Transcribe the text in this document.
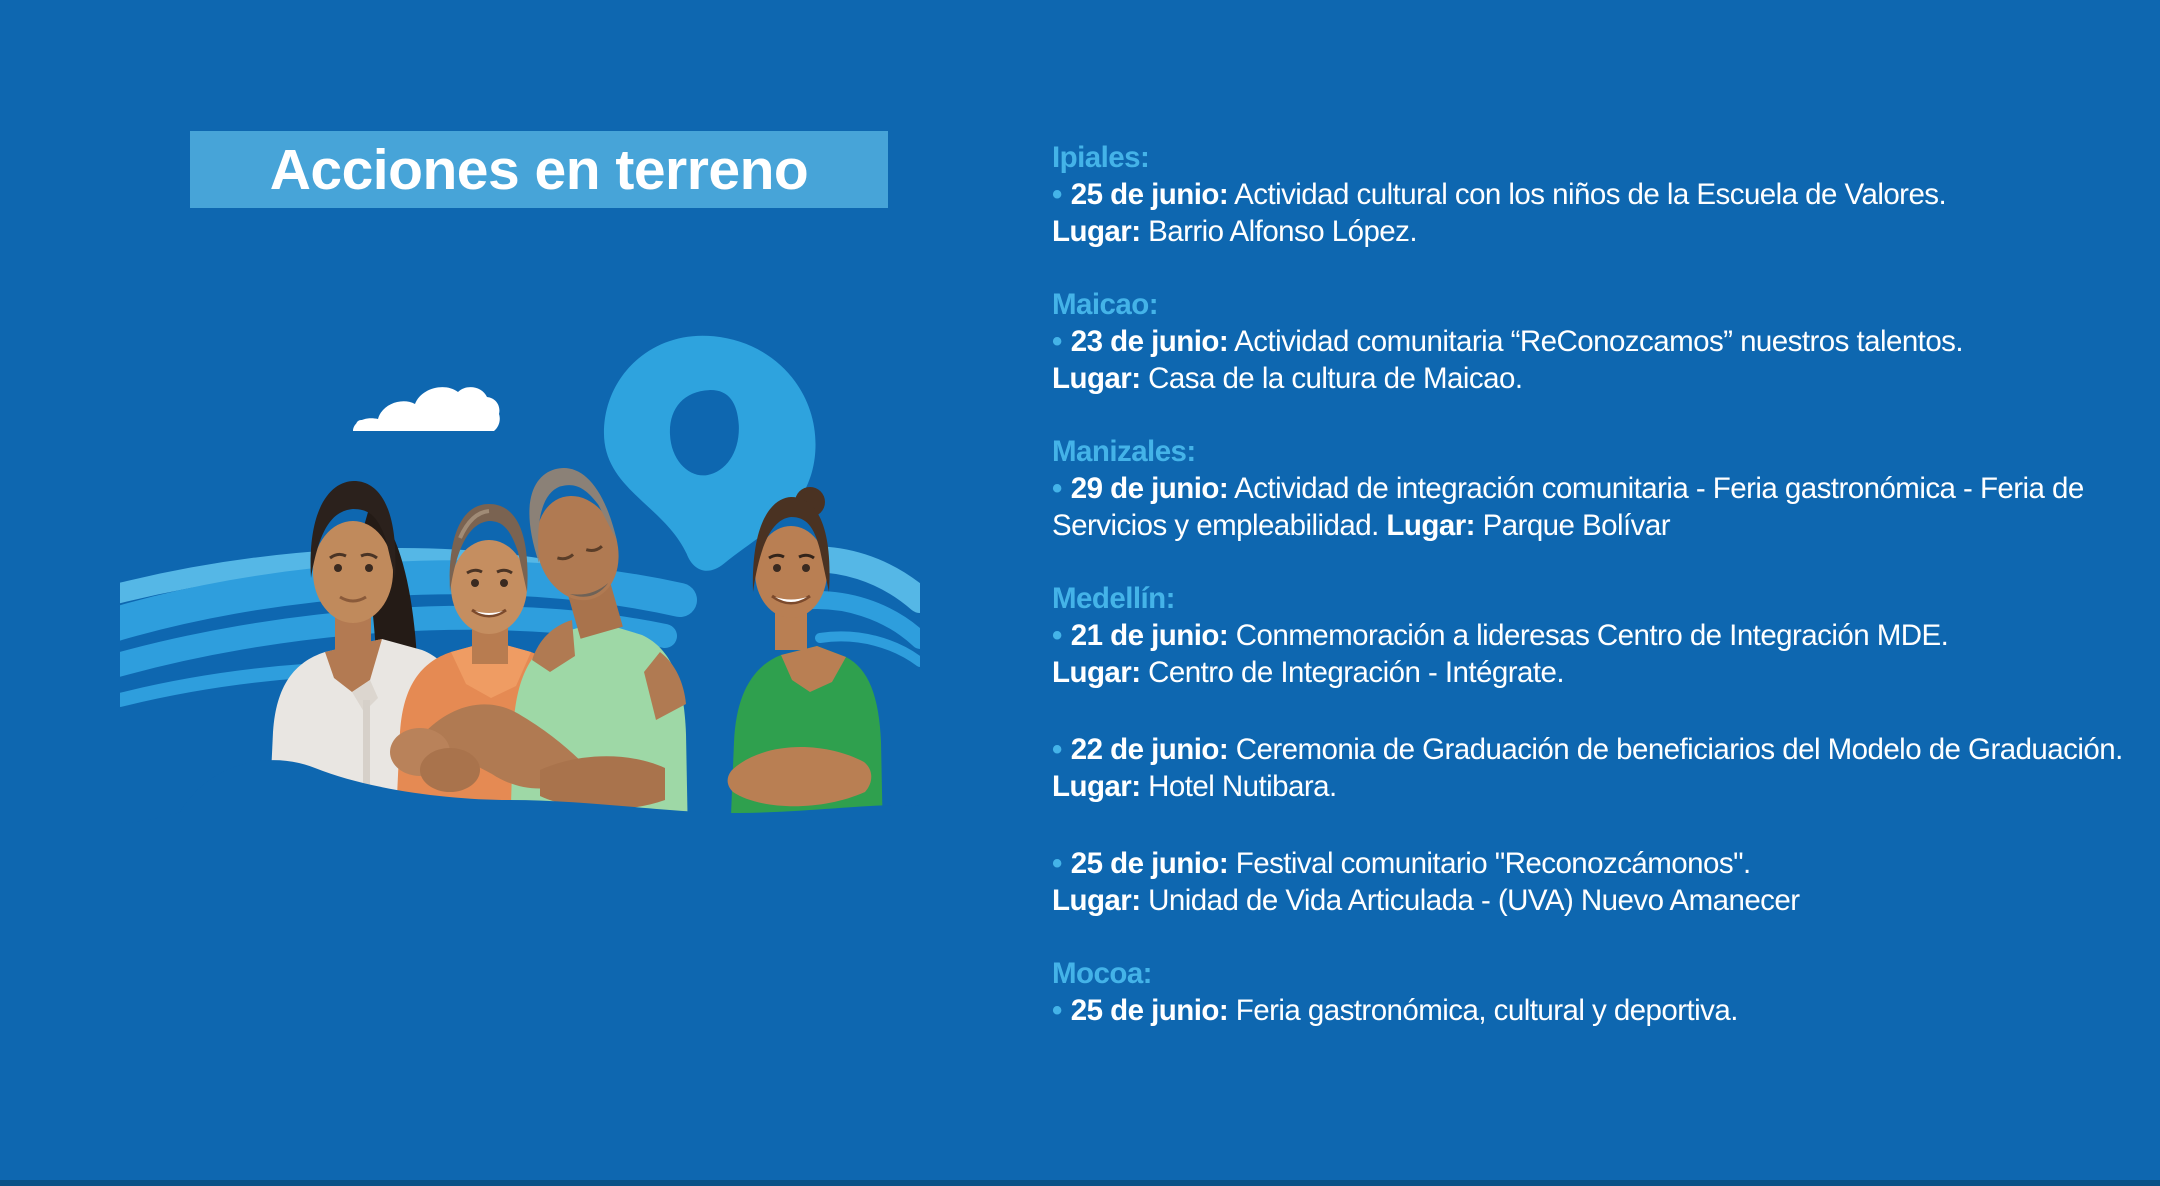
Acciones en terreno	Ipiales:

• 25 de junio: Actividad cultural con los niños de la Escuela de Valores.
Lugar: Barrio Alfonso López.

Maicao:

• 23 de junio: Actividad comunitaria “ReConozcamos” nuestros talentos.
Lugar: Casa de la cultura de Maicao.

Manizales:

• 29 de junio: Actividad de integración comunitaria - Feria gastronómica - Feria de Servicios y empleabilidad. Lugar: Parque Bolívar

Medellín:

• 21 de junio: Conmemoración a lideresas Centro de Integración MDE.
Lugar: Centro de Integración - Intégrate.

• 22 de junio: Ceremonia de Graduación de beneficiarios del Modelo de Graduación. Lugar: Hotel Nutibara.

• 25 de junio: Festival comunitario "Reconozcámonos".
Lugar: Unidad de Vida Articulada - (UVA) Nuevo Amanecer

Mocoa:

• 25 de junio: Feria gastronómica, cultural y deportiva.
